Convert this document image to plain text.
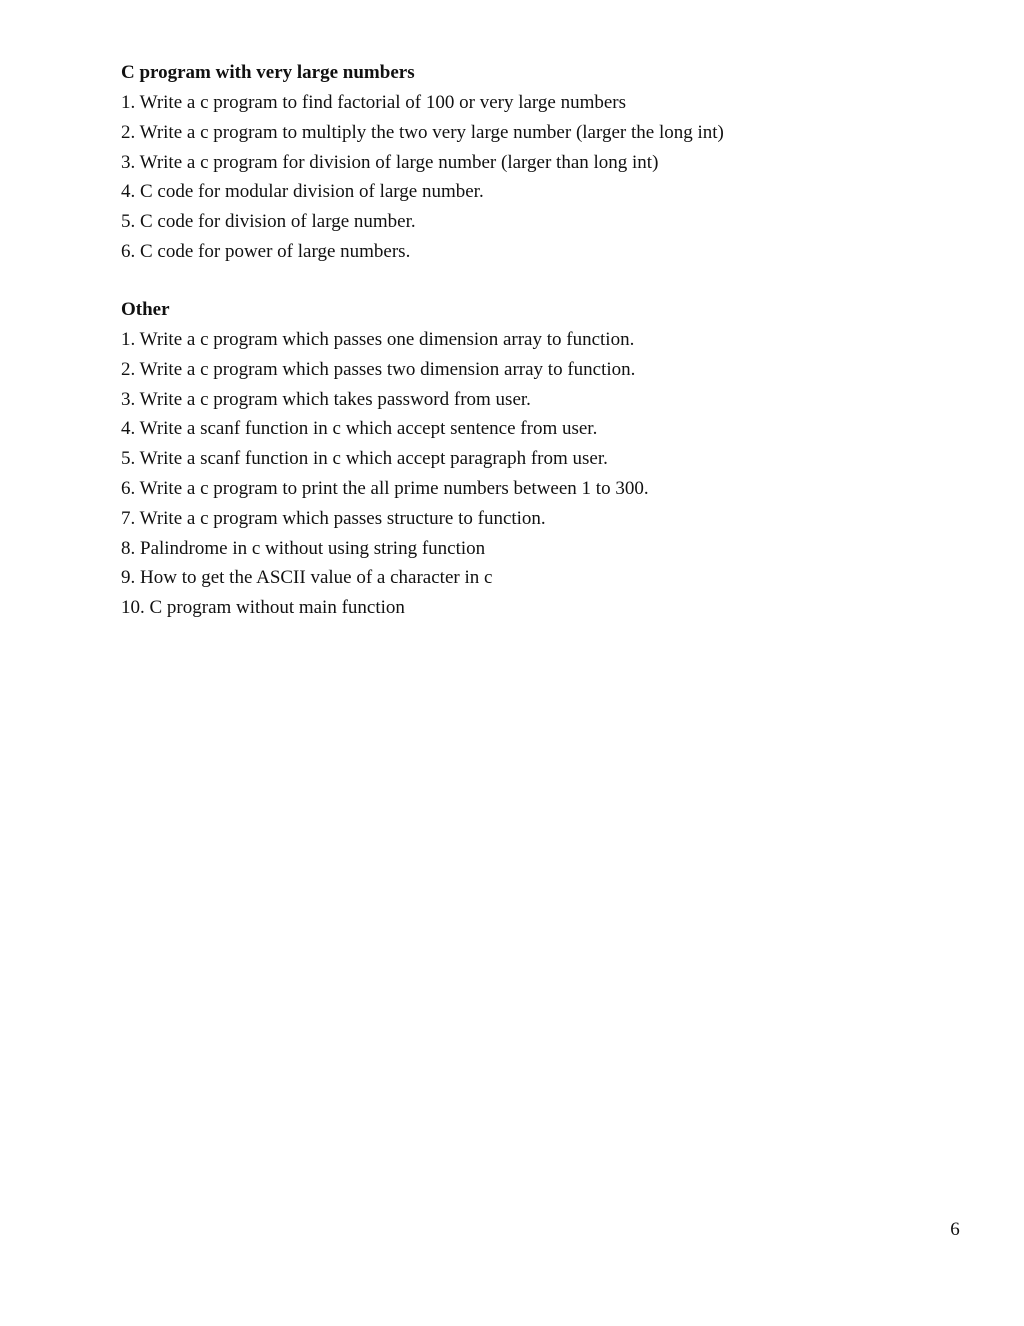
C program with very large numbers
1. Write a c program to find factorial of 100 or very large numbers
2. Write a c program to multiply the two very large number (larger the long int)
3. Write a c program for division of large number (larger than long int)
4. C code for modular division of large number.
5. C code for division of large number.
6. C code for power of large numbers.
Other
1. Write a c program which passes one dimension array to function.
2. Write a c program which passes two dimension array to function.
3. Write a c program which takes password from user.
4. Write a scanf function in c which accept sentence from user.
5. Write a scanf function in c which accept paragraph from user.
6. Write a c program to print the all prime numbers between 1 to 300.
7. Write a c program which passes structure to function.
8. Palindrome in c without using string function
9. How to get the ASCII value of a character in c
10. C program without main function
6
